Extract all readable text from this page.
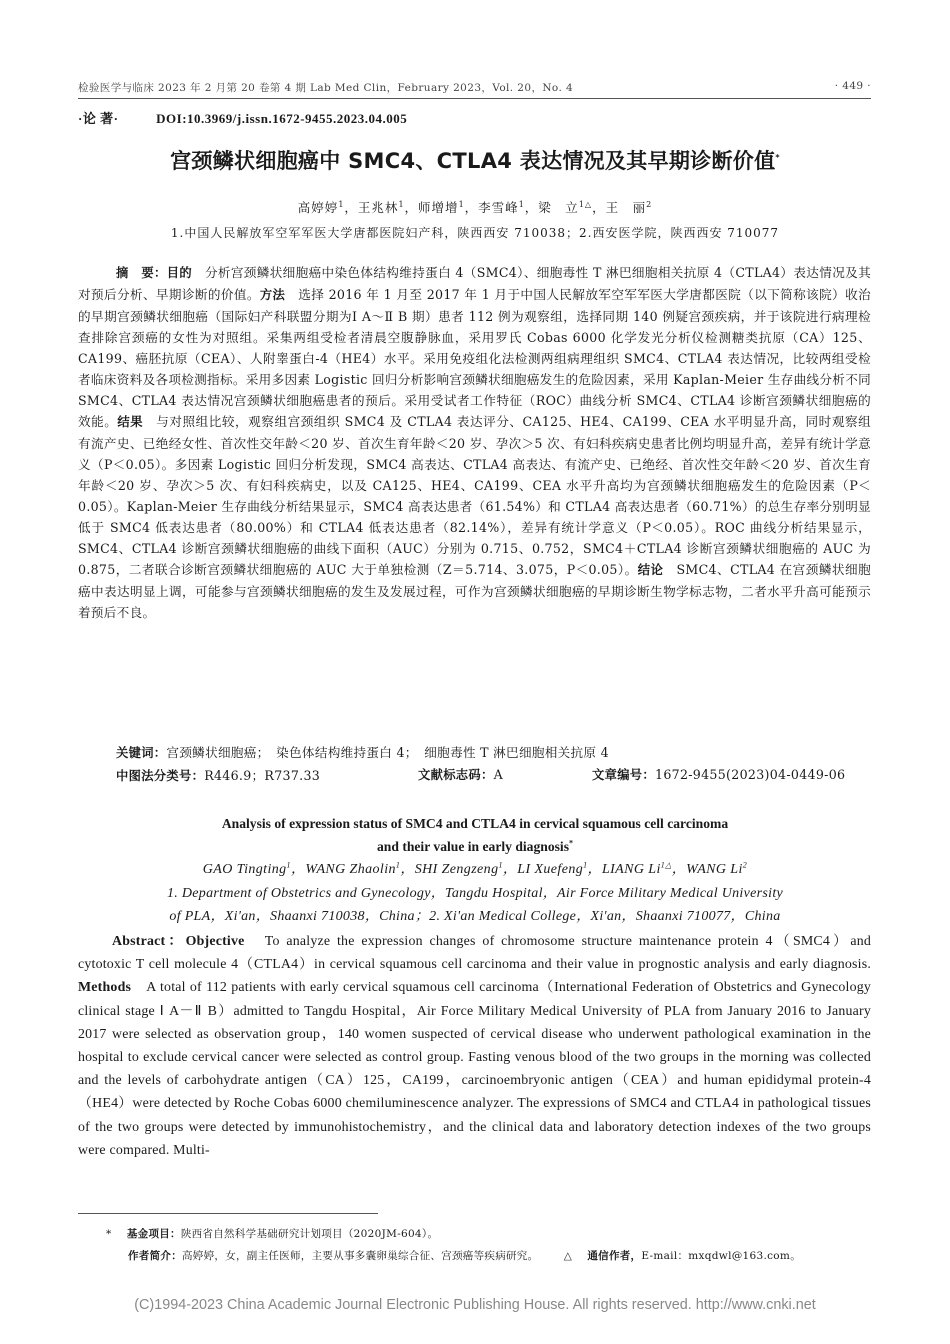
检验医学与临床 2023 年 2 月第 20 卷第 4 期 Lab Med Clin，February 2023，Vol. 20，No. 4	· 449 ·
·论 著·	DOI:10.3969/j.issn.1672-9455.2023.04.005
宫颈鳞状细胞癌中 SMC4、CTLA4 表达情况及其早期诊断价值*
高婷婷$^1$，王兆林$^1$，师增增$^1$，李雪峰$^1$，梁　立$^{1\triangle}$，王　丽$^2$
1.中国人民解放军空军军医大学唐都医院妇产科，陕西西安 710038；2.西安医学院，陕西西安 710077
摘　要：目的　分析宫颈鳞状细胞癌中染色体结构维持蛋白 4（SMC4）、细胞毒性 T 淋巴细胞相关抗原 4（CTLA4）表达情况及其对预后分析、早期诊断的价值。方法　选择 2016 年 1 月至 2017 年 1 月于中国人民解放军空军军医大学唐都医院（以下简称该院）收治的早期宫颈鳞状细胞癌（国际妇产科联盟分期为Ⅰ A～Ⅱ B 期）患者 112 例为观察组，选择同期 140 例疑宫颈疾病，并于该院进行病理检查排除宫颈癌的女性为对照组。采集两组受检者清晨空腹静脉血，采用罗氏 Cobas 6000 化学发光分析仪检测糖类抗原（CA）125、CA199、癌胚抗原（CEA）、人附睾蛋白-4（HE4）水平。采用免疫组化法检测两组病理组织 SMC4、CTLA4 表达情况，比较两组受检者临床资料及各项检测指标。采用多因素 Logistic 回归分析影响宫颈鳞状细胞癌发生的危险因素，采用 Kaplan-Meier 生存曲线分析不同 SMC4、CTLA4 表达情况宫颈鳞状细胞癌患者的预后。采用受试者工作特征（ROC）曲线分析 SMC4、CTLA4 诊断宫颈鳞状细胞癌的效能。结果　与对照组比较，观察组宫颈组织 SMC4 及 CTLA4 表达评分、CA125、HE4、CA199、CEA 水平明显升高，同时观察组有流产史、已绝经女性、首次性交年龄＜20 岁、首次生育年龄＜20 岁、孕次＞5 次、有妇科疾病史患者比例均明显升高，差异有统计学意义（P＜0.05）。多因素 Logistic 回归分析发现，SMC4 高表达、CTLA4 高表达、有流产史、已绝经、首次性交年龄＜20 岁、首次生育年龄＜20 岁、孕次＞5 次、有妇科疾病史，以及 CA125、HE4、CA199、CEA 水平升高均为宫颈鳞状细胞癌发生的危险因素（P＜0.05）。Kaplan-Meier 生存曲线分析结果显示，SMC4 高表达患者（61.54%）和 CTLA4 高表达患者（60.71%）的总生存率分别明显低于 SMC4 低表达患者（80.00%）和 CTLA4 低表达患者（82.14%），差异有统计学意义（P＜0.05）。ROC 曲线分析结果显示，SMC4、CTLA4 诊断宫颈鳞状细胞癌的曲线下面积（AUC）分别为 0.715、0.752，SMC4＋CTLA4 诊断宫颈鳞状细胞癌的 AUC 为 0.875，二者联合诊断宫颈鳞状细胞癌的 AUC 大于单独检测（Z＝5.714、3.075，P＜0.05）。结论　SMC4、CTLA4 在宫颈鳞状细胞癌中表达明显上调，可能参与宫颈鳞状细胞癌的发生及发展过程，可作为宫颈鳞状细胞癌的早期诊断生物学标志物，二者水平升高可能预示着预后不良。
关键词：宫颈鳞状细胞癌；　染色体结构维持蛋白 4；　细胞毒性 T 淋巴细胞相关抗原 4
中图法分类号：R446.9；R737.33	文献标志码：A	文章编号：1672-9455(2023)04-0449-06
Analysis of expression status of SMC4 and CTLA4 in cervical squamous cell carcinoma
and their value in early diagnosis*
GAO Tingting$^1$，WANG Zhaolin$^1$，SHI Zengzeng$^1$，LI Xuefeng$^1$，LIANG $Li^{1\triangle}$，WANG Li$^2$
1. Department of Obstetrics and Gynecology，Tangdu Hospital，Air Force Military Medical University
of PLA，Xi'an，Shaanxi 710038，China；2. Xi'an Medical College，Xi'an，Shaanxi 710077，China
Abstract：Objective　To analyze the expression changes of chromosome structure maintenance protein 4（SMC4）and cytotoxic T cell molecule 4（CTLA4）in cervical squamous cell carcinoma and their value in prognostic analysis and early diagnosis. Methods　A total of 112 patients with early cervical squamous cell carcinoma（International Federation of Obstetrics and Gynecology clinical stage Ⅰ A－Ⅱ B）admitted to Tangdu Hospital，Air Force Military Medical University of PLA from January 2016 to January 2017 were selected as observation group，140 women suspected of cervical disease who underwent pathological examination in the hospital to exclude cervical cancer were selected as control group. Fasting venous blood of the two groups in the morning was collected and the levels of carbohydrate antigen（CA）125，CA199，carcinoembryonic antigen（CEA）and human epididymal protein-4（HE4）were detected by Roche Cobas 6000 chemiluminescence analyzer. The expressions of SMC4 and CTLA4 in pathological tissues of the two groups were detected by immunohistochemistry，and the clinical data and laboratory detection indexes of the two groups were compared. Multi-
* 基金项目：陕西省自然科学基础研究计划项目（2020JM-604）。
作者简介：高婷婷，女，副主任医师，主要从事多囊卵巢综合征、宫颈癌等疾病研究。 △ 通信作者，E-mail：mxqdwl@163.com。
(C)1994-2023 China Academic Journal Electronic Publishing House. All rights reserved. http://www.cnki.net
